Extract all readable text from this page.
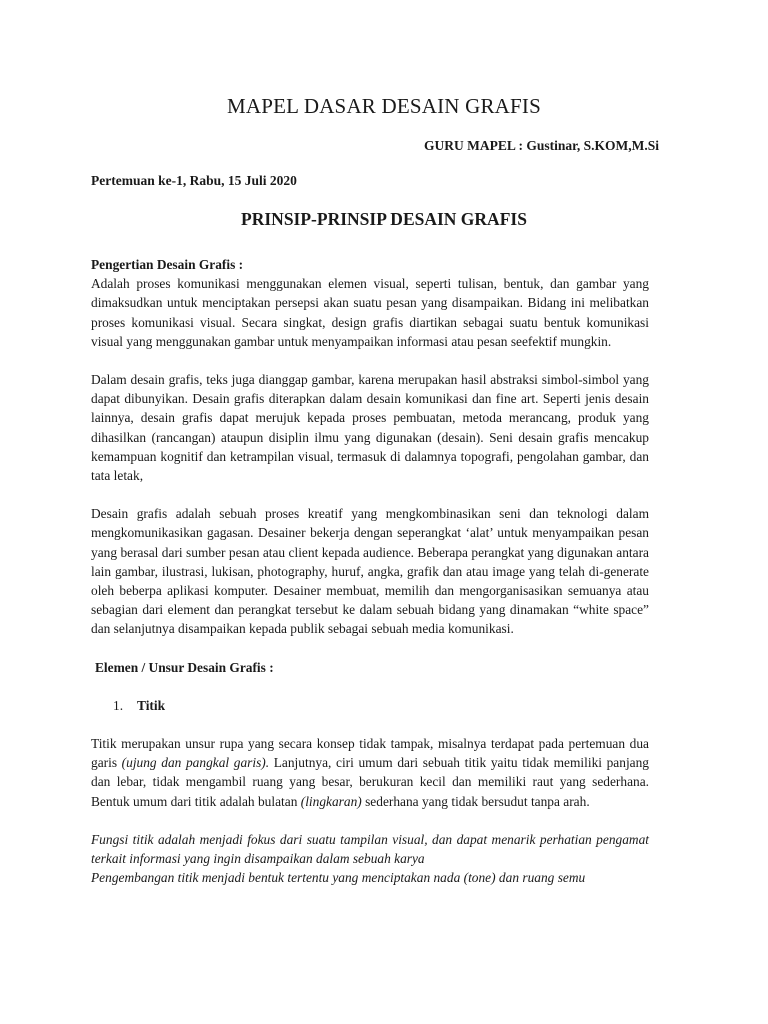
MAPEL DASAR DESAIN GRAFIS

GURU MAPEL : Gustinar, S.KOM,M.Si

Pertemuan ke-1, Rabu, 15 Juli 2020

PRINSIP-PRINSIP DESAIN GRAFIS

Pengertian Desain Grafis :

Adalah proses komunikasi menggunakan elemen visual, seperti tulisan, bentuk, dan gambar yang dimaksudkan untuk menciptakan persepsi akan suatu pesan yang disampaikan. Bidang ini melibatkan proses komunikasi visual. Secara singkat, design grafis diartikan sebagai suatu bentuk komunikasi visual yang menggunakan gambar untuk menyampaikan informasi atau pesan seefektif mungkin.

Dalam desain grafis, teks juga dianggap gambar, karena merupakan hasil abstraksi simbol-simbol yang dapat dibunyikan. Desain grafis diterapkan dalam desain komunikasi dan fine art. Seperti jenis desain lainnya, desain grafis dapat merujuk kepada proses pembuatan, metoda merancang, produk yang dihasilkan (rancangan) ataupun disiplin ilmu yang digunakan (desain). Seni desain grafis mencakup kemampuan kognitif dan ketrampilan visual, termasuk di dalamnya topografi, pengolahan gambar, dan tata letak,

Desain grafis adalah sebuah proses kreatif yang mengkombinasikan seni dan teknologi dalam mengkomunikasikan gagasan. Desainer bekerja dengan seperangkat ‘alat’ untuk menyampaikan pesan yang berasal dari sumber pesan atau client kepada audience. Beberapa perangkat yang digunakan antara lain gambar, ilustrasi, lukisan, photography, huruf, angka, grafik dan atau image yang telah di-generate oleh beberpa aplikasi komputer. Desainer membuat, memilih dan mengorganisasikan semuanya atau sebagian dari element dan perangkat tersebut ke dalam sebuah bidang yang dinamakan “white space” dan selanjutnya disampaikan kepada publik sebagai sebuah media komunikasi.

Elemen / Unsur Desain Grafis :

1. Titik

Titik merupakan unsur rupa yang secara konsep tidak tampak, misalnya terdapat pada pertemuan dua garis (ujung dan pangkal garis). Lanjutnya, ciri umum dari sebuah titik yaitu tidak memiliki panjang dan lebar, tidak mengambil ruang yang besar, berukuran kecil dan memiliki raut yang sederhana. Bentuk umum dari titik adalah bulatan (lingkaran) sederhana yang tidak bersudut tanpa arah.

Fungsi titik adalah menjadi fokus dari suatu tampilan visual, dan dapat menarik perhatian pengamat terkait informasi yang ingin disampaikan dalam sebuah karya

Pengembangan titik menjadi bentuk tertentu yang menciptakan nada (tone) dan ruang semu
